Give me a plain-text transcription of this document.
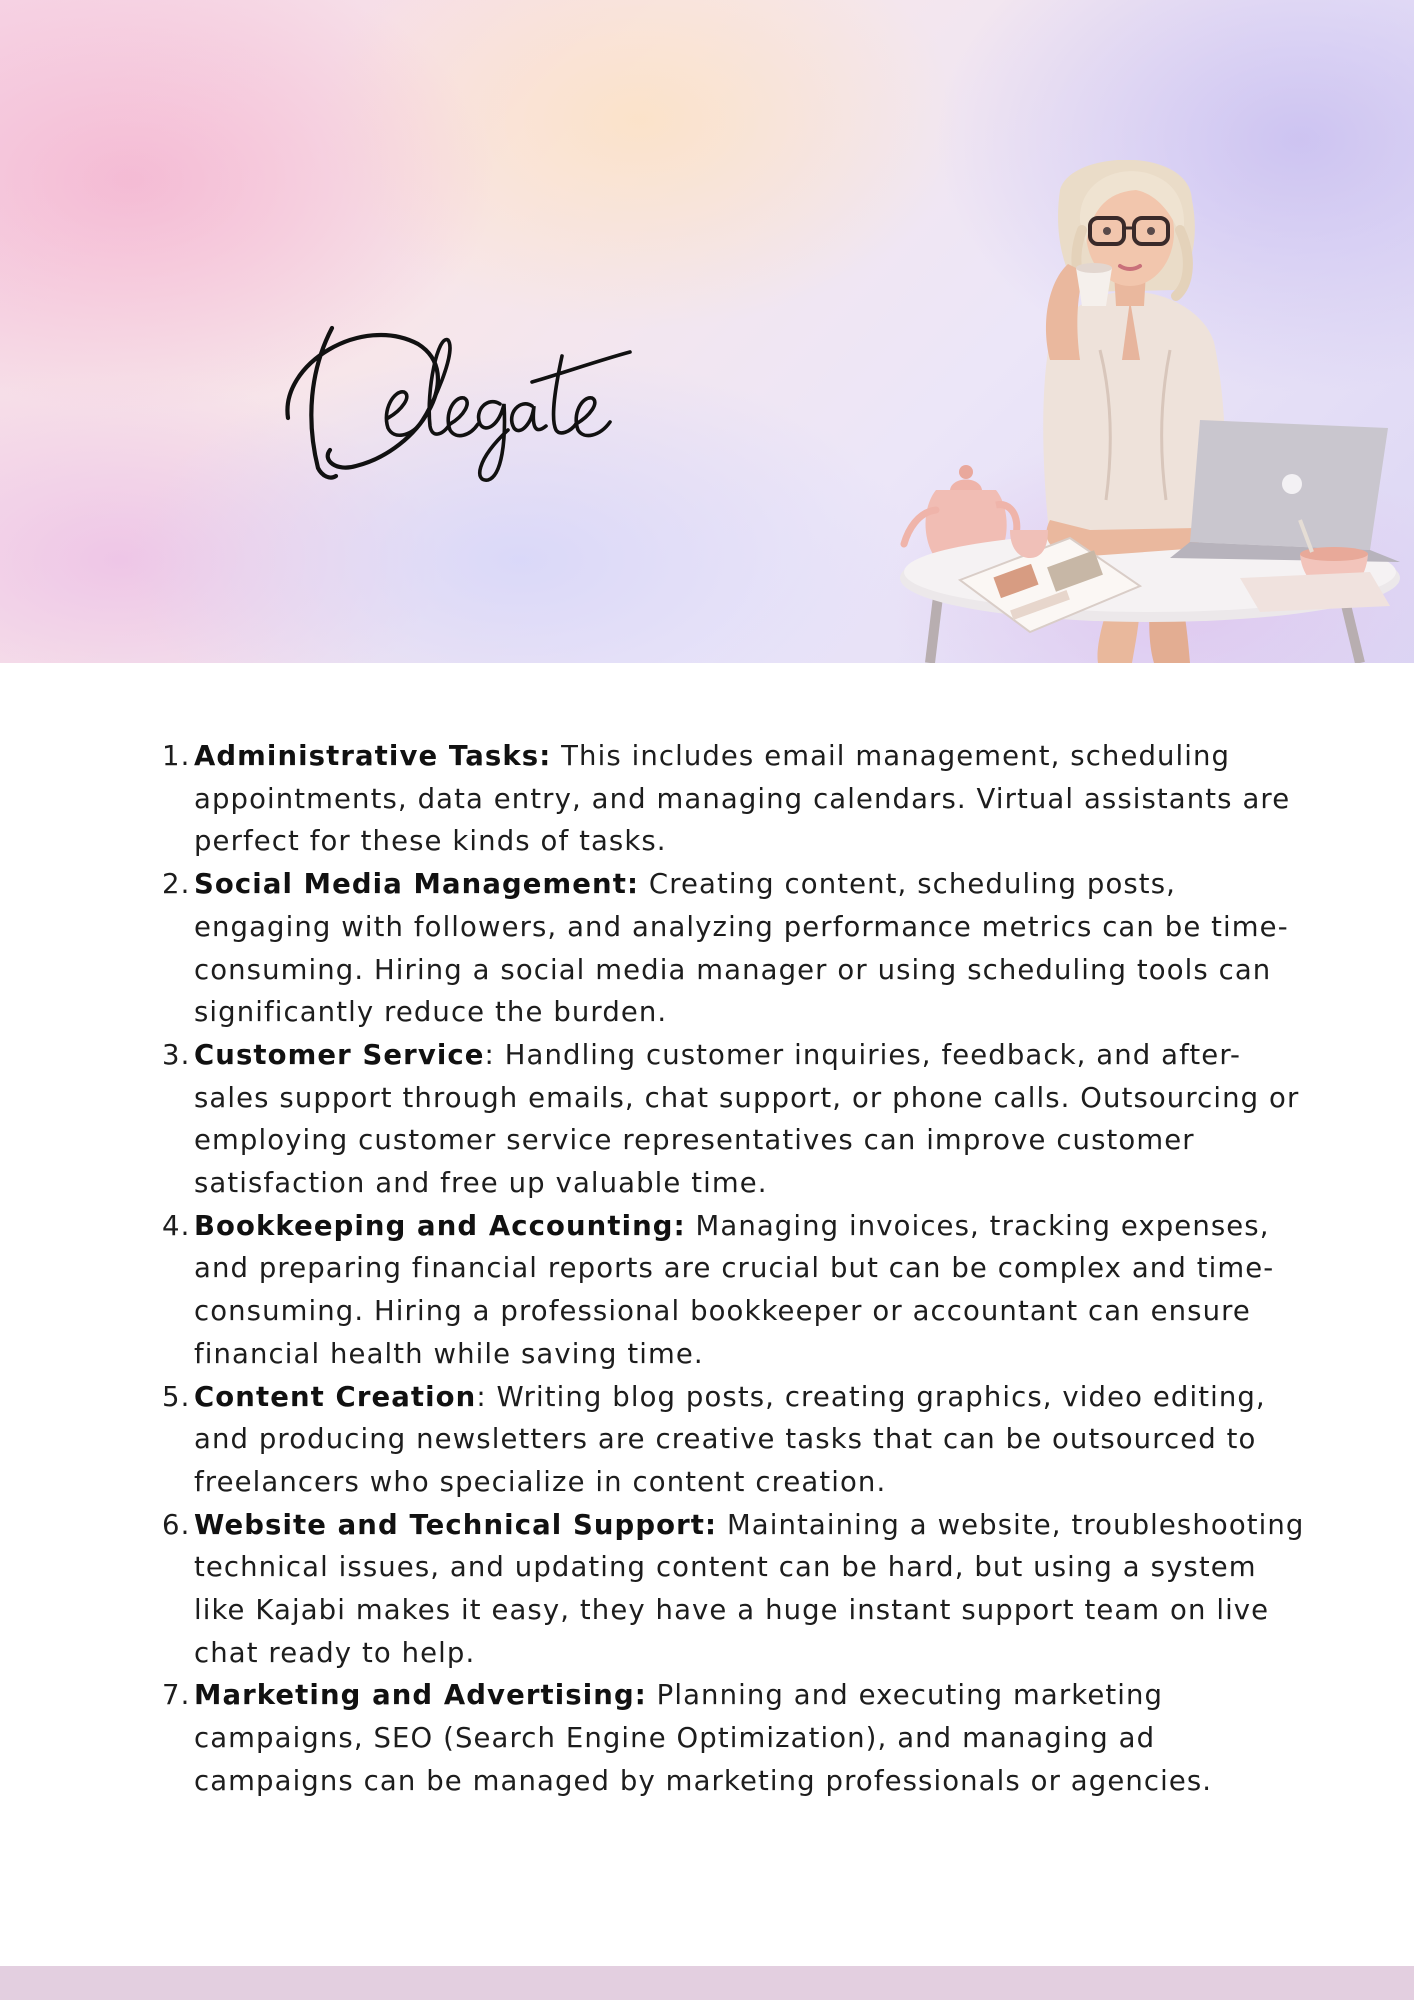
1. Administrative Tasks: This includes email management, scheduling appointments, data entry, and managing calendars. Virtual assistants are perfect for these kinds of tasks.
2. Social Media Management: Creating content, scheduling posts, engaging with followers, and analyzing performance metrics can be time-consuming. Hiring a social media manager or using scheduling tools can significantly reduce the burden.
3. Customer Service: Handling customer inquiries, feedback, and after-sales support through emails, chat support, or phone calls. Outsourcing or employing customer service representatives can improve customer satisfaction and free up valuable time.
4. Bookkeeping and Accounting: Managing invoices, tracking expenses, and preparing financial reports are crucial but can be complex and time-consuming. Hiring a professional bookkeeper or accountant can ensure financial health while saving time.
5. Content Creation: Writing blog posts, creating graphics, video editing, and producing newsletters are creative tasks that can be outsourced to freelancers who specialize in content creation.
6. Website and Technical Support: Maintaining a website, troubleshooting technical issues, and updating content can be hard, but using a system like Kajabi makes it easy, they have a huge instant support team on live chat ready to help.
7. Marketing and Advertising: Planning and executing marketing campaigns, SEO (Search Engine Optimization), and managing ad campaigns can be managed by marketing professionals or agencies.
